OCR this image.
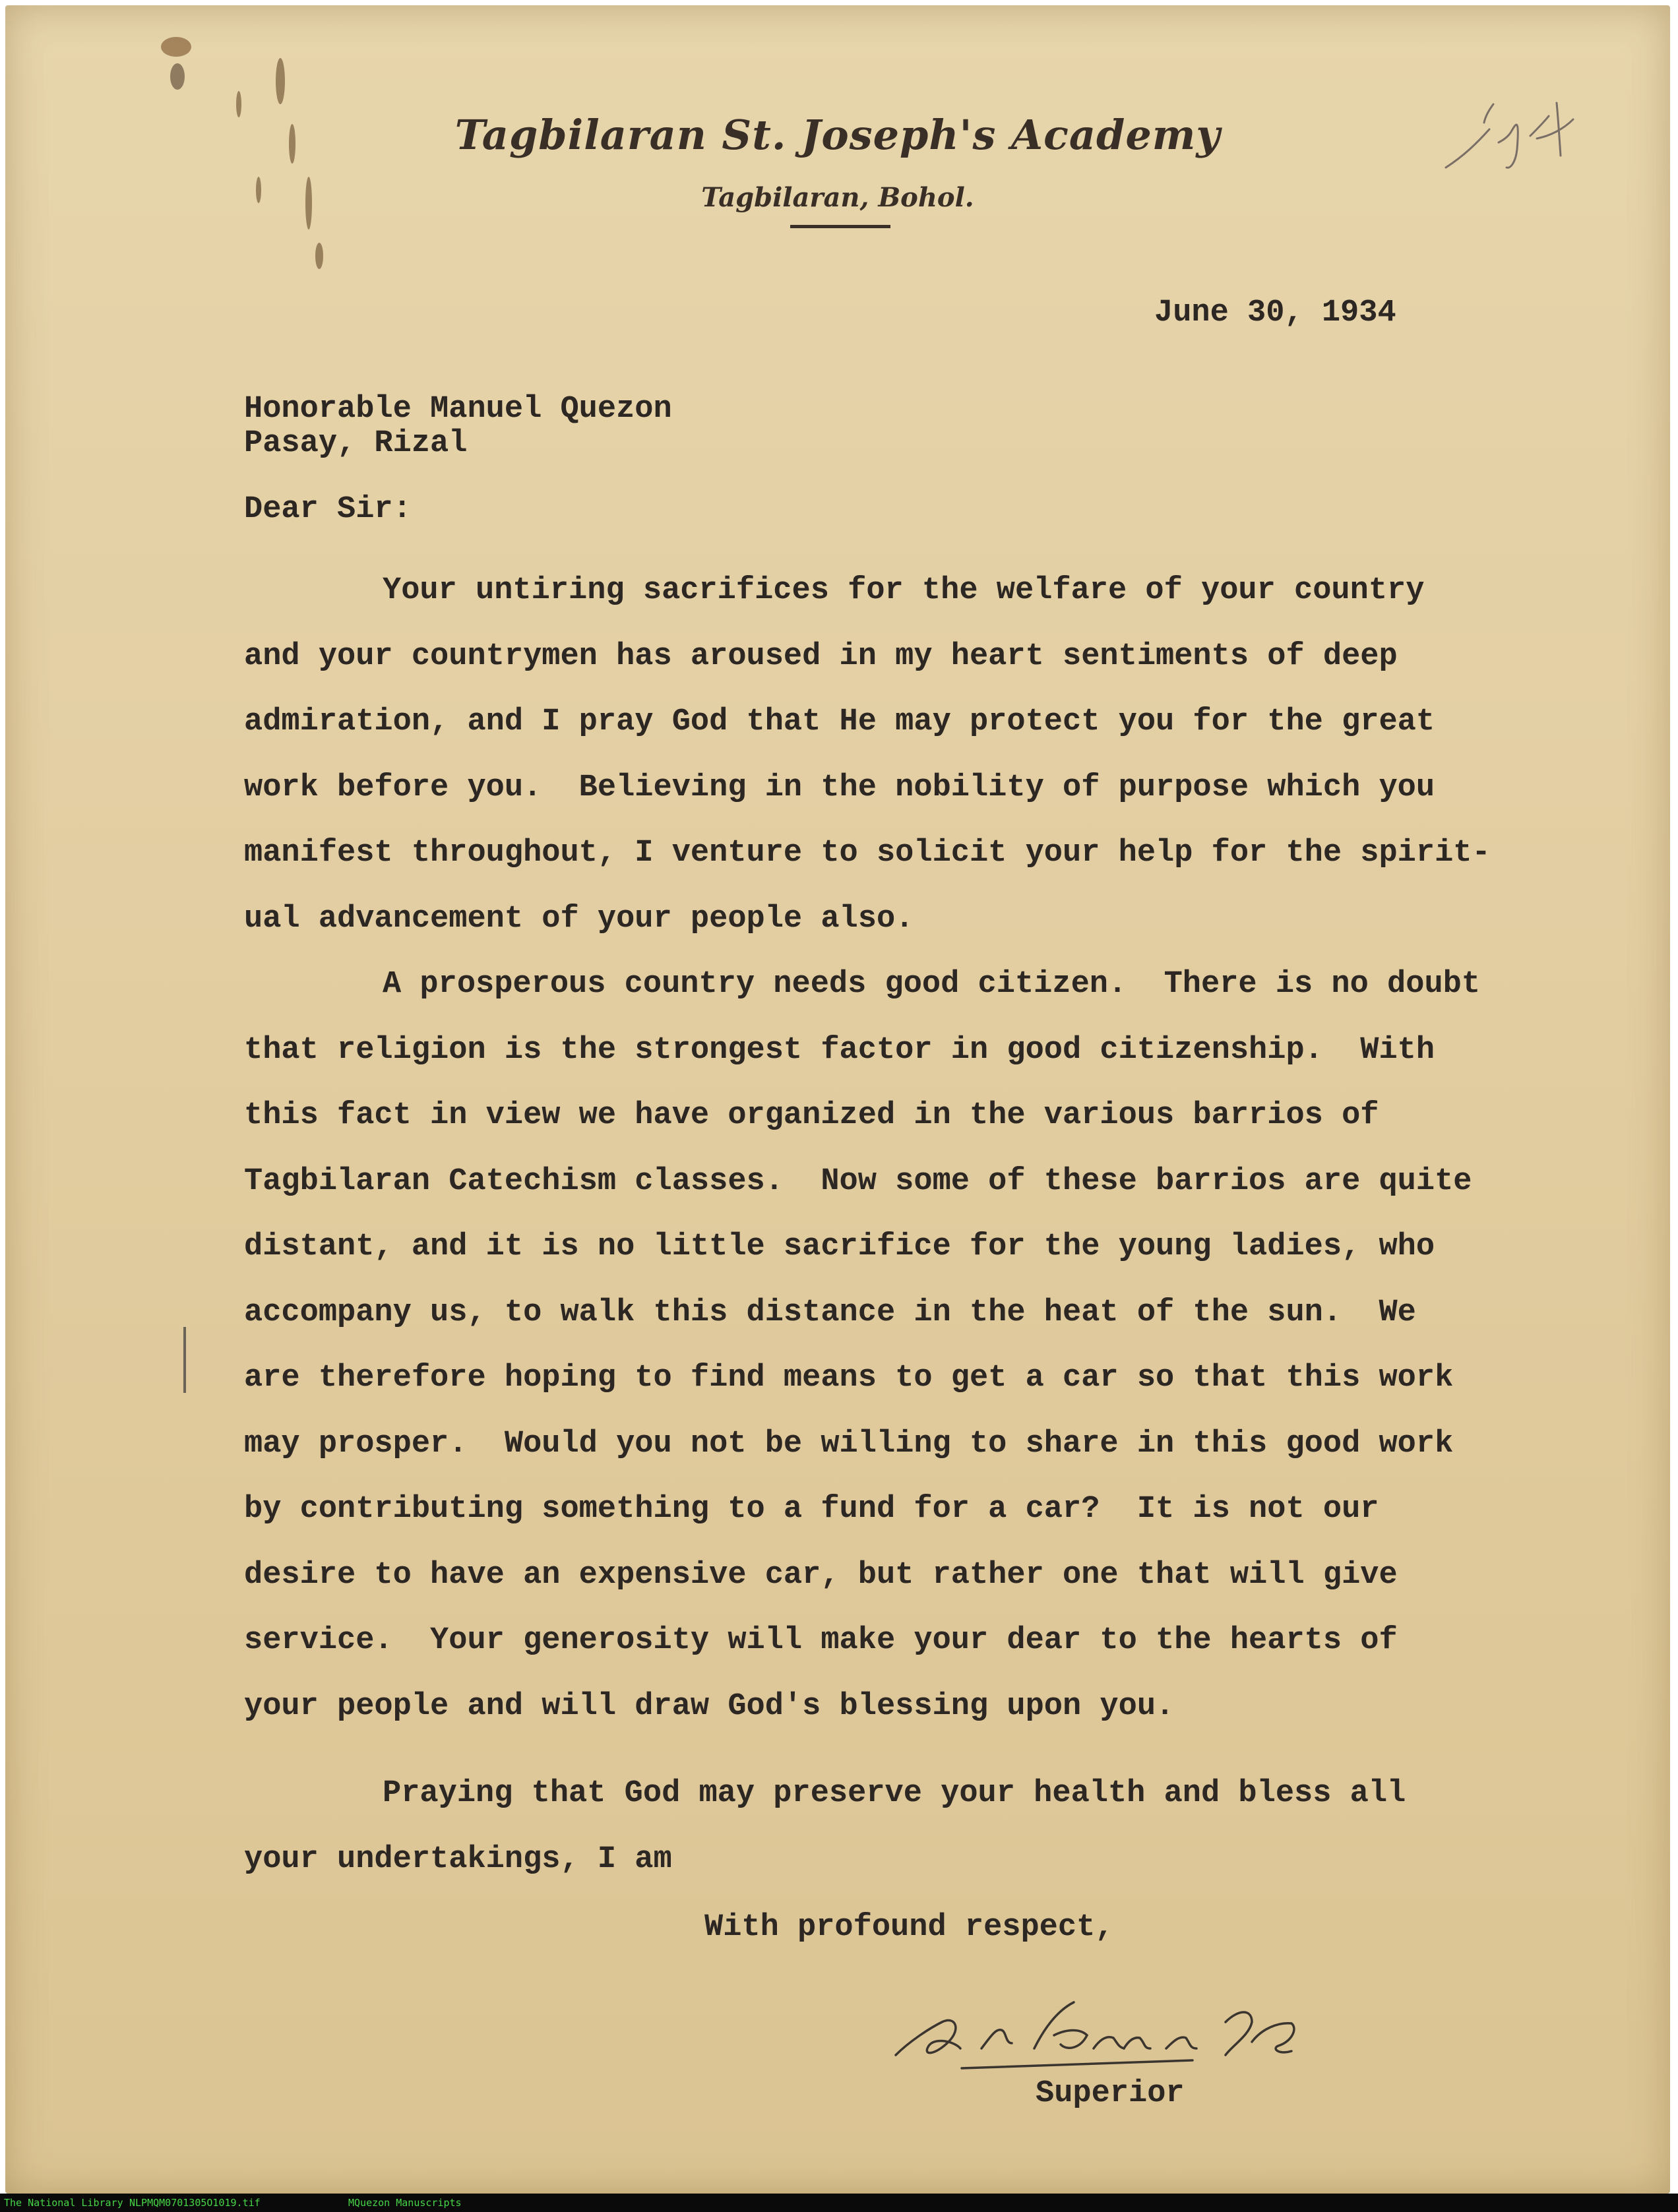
Tagbilaran St. Joseph's Academy
Tagbilaran, Bohol.
June 30, 1934
Honorable Manuel Quezon
Pasay, Rizal
Dear Sir:
Your untiring sacrifices for the welfare of your country
and your countrymen has aroused in my heart sentiments of deep
admiration, and I pray God that He may protect you for the great
work before you.  Believing in the nobility of purpose which you
manifest throughout, I venture to solicit your help for the spirit-
ual advancement of your people also.
A prosperous country needs good citizen.  There is no doubt
that religion is the strongest factor in good citizenship.  With
this fact in view we have organized in the various barrios of
Tagbilaran Catechism classes.  Now some of these barrios are quite
distant, and it is no little sacrifice for the young ladies, who
accompany us, to walk this distance in the heat of the sun.  We
are therefore hoping to find means to get a car so that this work
may prosper.  Would you not be willing to share in this good work
by contributing something to a fund for a car?  It is not our
desire to have an expensive car, but rather one that will give
service.  Your generosity will make your dear to the hearts of
your people and will draw God's blessing upon you.
Praying that God may preserve your health and bless all
your undertakings, I am
With profound respect,
Superior
The National Library NLPMQM0701305O1019.tif	MQuezon Manuscripts
